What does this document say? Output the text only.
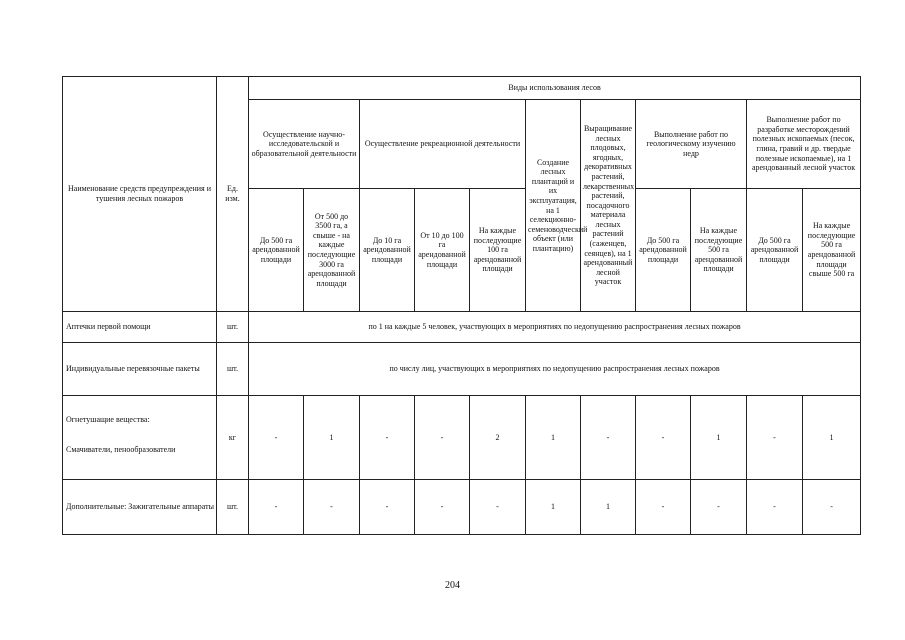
Наименование средств предупреждения и тушения лесных пожаров	Ед. изм.	Виды использования лесов										
		Осуществление научно-исследовательской и образовательной деятельности		Осуществление рекреационной деятельности			Создание лесных плантаций и их эксплуатация, на 1 селекционно-семеноводческий объект (или плантацию)	Выращивание лесных плодовых, ягодных, декоративных растений, лекарственных растений, посадочного материала лесных растений (саженцев, сеянцев), на 1 арендованный лесной участок	Выполнение работ по геологическому изучению недр		Выполнение работ по разработке месторождений полезных ископаемых (песок, глина, гравий и др. твердые полезные ископаемые), на 1 арендованный лесной участок	
		До 500 га арендованной площади	От 500 до 3500 га, а свыше - на каждые последующие 3000 га арендованной площади	До 10 га арендованной площади	От 10 до 100 га арендованной площади	На каждые последующие 100 га арендованной площади			До 500 га арендованной площади	На каждые последующие 500 га арендованной площади	До 500 га арендованной площади	На каждые последующие 500 га арендованной площади свыше 500 га
Аптечки первой помощи	шт.	по 1 на каждые 5 человек, участвующих в мероприятиях по недопущению распространения лесных пожаров										
Индивидуальные перевязочные пакеты	шт.	по числу лиц, участвующих в мероприятиях по недопущению распространения лесных пожаров										

Огнетушащие вещества:
Смачиватели, пенообразователи	кг	-	1	-	-	2	1	-	-	1	-	1
Дополнительные: Зажигательные аппараты	шт.	-	-	-	-	-	1	1	-	-	-	-
204
